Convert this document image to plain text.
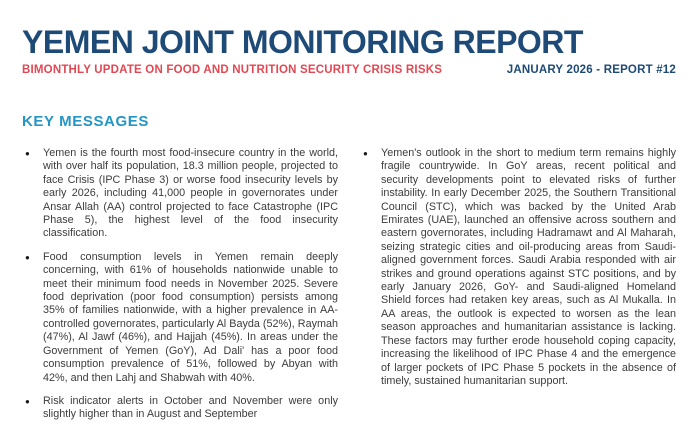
YEMEN JOINT MONITORING REPORT
BIMONTHLY UPDATE ON FOOD AND NUTRITION SECURITY CRISIS RISKS	JANUARY 2026 - REPORT #12
KEY MESSAGES
●	Yemen is the fourth most food-insecure country in the world, with over half its population, 18.3 million people, projected to face Crisis (IPC Phase 3) or worse food insecurity levels by early 2026, including 41,000 people in governorates under Ansar Allah (AA) control projected to face Catastrophe (IPC Phase 5), the highest level of the food insecurity classification.
●	Food consumption levels in Yemen remain deeply concerning, with 61% of households nationwide unable to meet their minimum food needs in November 2025. Severe food deprivation (poor food consumption) persists among 35% of families nationwide, with a higher prevalence in AA-controlled governorates, particularly Al Bayda (52%), Raymah (47%), Al Jawf (46%), and Hajjah (45%). In areas under the Government of Yemen (GoY), Ad Dali' has a poor food consumption prevalence of 51%, followed by Abyan with 42%, and then Lahj and Shabwah with 40%.
●	Risk indicator alerts in October and November were only slightly higher than in August and September
●	Yemen's outlook in the short to medium term remains highly fragile countrywide. In GoY areas, recent political and security developments point to elevated risks of further instability. In early December 2025, the Southern Transitional Council (STC), which was backed by the United Arab Emirates (UAE), launched an offensive across southern and eastern governorates, including Hadramawt and Al Maharah, seizing strategic cities and oil-producing areas from Saudi-aligned government forces. Saudi Arabia responded with air strikes and ground operations against STC positions, and by early January 2026, GoY- and Saudi-aligned Homeland Shield forces had retaken key areas, such as Al Mukalla. In AA areas, the outlook is expected to worsen as the lean season approaches and humanitarian assistance is lacking. These factors may further erode household coping capacity, increasing the likelihood of IPC Phase 4 and the emergence of larger pockets of IPC Phase 5 pockets in the absence of timely, sustained humanitarian support.
